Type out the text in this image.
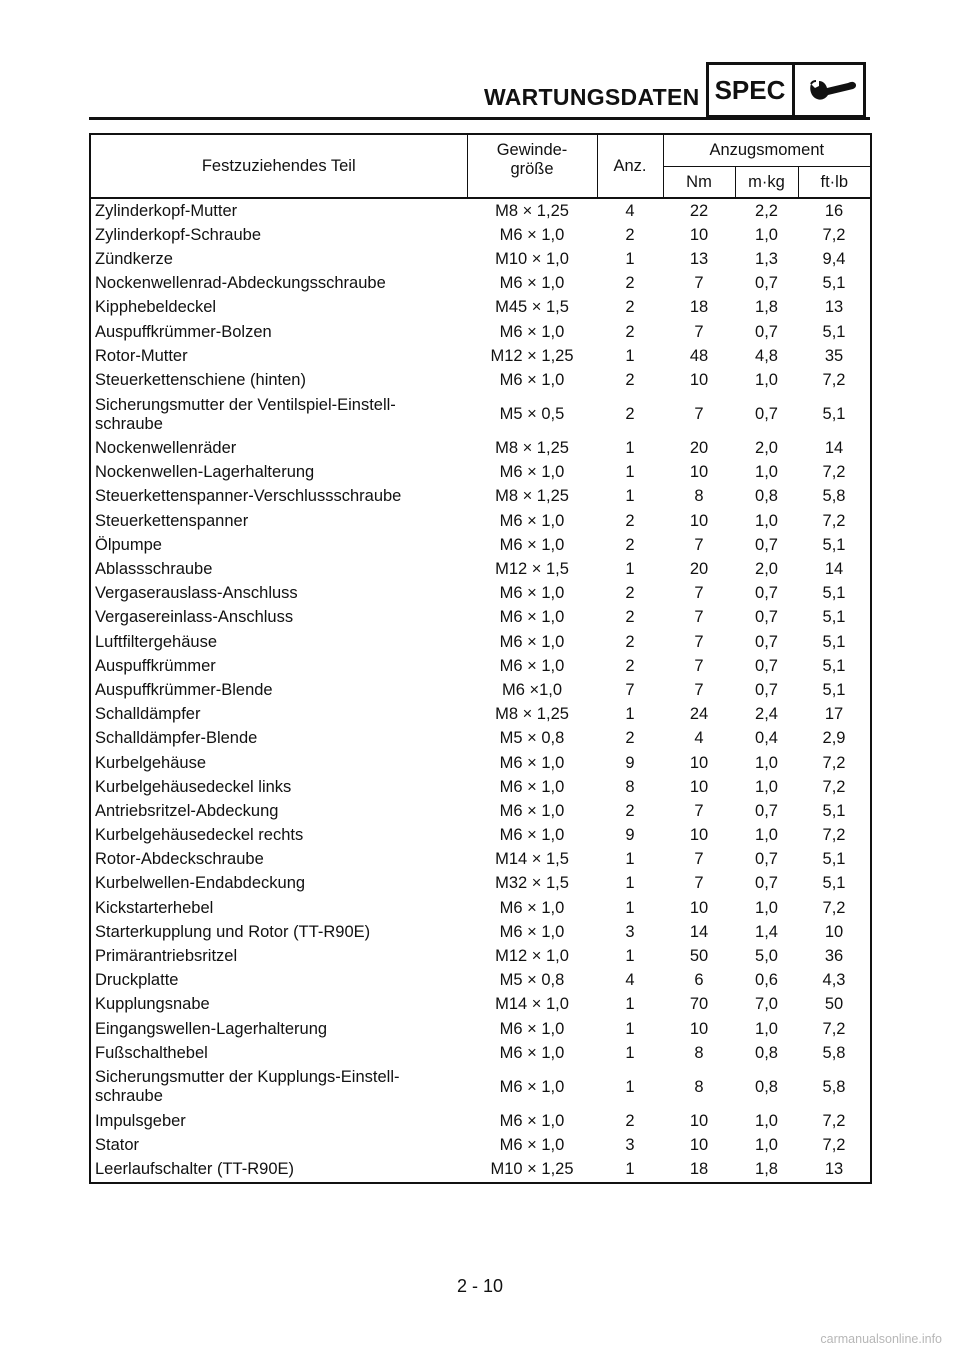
WARTUNGSDATEN SPEC
Festzuziehendes Teil	Gewinde-
größe	Anz.	Anzugsmoment		
			Nm	m·kg	ft·lb
Zylinderkopf-Mutter	M8 × 1,25	4	22	2,2	16
Zylinderkopf-Schraube	M6 × 1,0	2	10	1,0	7,2
Zündkerze	M10 × 1,0	1	13	1,3	9,4
Nockenwellenrad-Abdeckungsschraube	M6 × 1,0	2	7	0,7	5,1
Kipphebeldeckel	M45 × 1,5	2	18	1,8	13
Auspuffkrümmer-Bolzen	M6 × 1,0	2	7	0,7	5,1
Rotor-Mutter	M12 × 1,25	1	48	4,8	35
Steuerkettenschiene (hinten)	M6 × 1,0	2	10	1,0	7,2
Sicherungsmutter der Ventilspiel-Einstell-
schraube	M5 × 0,5	2	7	0,7	5,1
Nockenwellenräder	M8 × 1,25	1	20	2,0	14
Nockenwellen-Lagerhalterung	M6 × 1,0	1	10	1,0	7,2
Steuerkettenspanner-Verschlussschraube	M8 × 1,25	1	8	0,8	5,8
Steuerkettenspanner	M6 × 1,0	2	10	1,0	7,2
Ölpumpe	M6 × 1,0	2	7	0,7	5,1
Ablassschraube	M12 × 1,5	1	20	2,0	14
Vergaserauslass-Anschluss	M6 × 1,0	2	7	0,7	5,1
Vergasereinlass-Anschluss	M6 × 1,0	2	7	0,7	5,1
Luftfiltergehäuse	M6 × 1,0	2	7	0,7	5,1
Auspuffkrümmer	M6 × 1,0	2	7	0,7	5,1
Auspuffkrümmer-Blende	M6 ×1,0	7	7	0,7	5,1
Schalldämpfer	M8 × 1,25	1	24	2,4	17
Schalldämpfer-Blende	M5 × 0,8	2	4	0,4	2,9
Kurbelgehäuse	M6 × 1,0	9	10	1,0	7,2
Kurbelgehäusedeckel links	M6 × 1,0	8	10	1,0	7,2
Antriebsritzel-Abdeckung	M6 × 1,0	2	7	0,7	5,1
Kurbelgehäusedeckel rechts	M6 × 1,0	9	10	1,0	7,2
Rotor-Abdeckschraube	M14 × 1,5	1	7	0,7	5,1
Kurbelwellen-Endabdeckung	M32 × 1,5	1	7	0,7	5,1
Kickstarterhebel	M6 × 1,0	1	10	1,0	7,2
Starterkupplung und Rotor (TT-R90E)	M6 × 1,0	3	14	1,4	10
Primärantriebsritzel	M12 × 1,0	1	50	5,0	36
Druckplatte	M5 × 0,8	4	6	0,6	4,3
Kupplungsnabe	M14 × 1,0	1	70	7,0	50
Eingangswellen-Lagerhalterung	M6 × 1,0	1	10	1,0	7,2
Fußschalthebel	M6 × 1,0	1	8	0,8	5,8
Sicherungsmutter der Kupplungs-Einstell-
schraube	M6 × 1,0	1	8	0,8	5,8
Impulsgeber	M6 × 1,0	2	10	1,0	7,2
Stator	M6 × 1,0	3	10	1,0	7,2
Leerlaufschalter (TT-R90E)	M10 × 1,25	1	18	1,8	13
2 - 10
carmanualsonline.info
